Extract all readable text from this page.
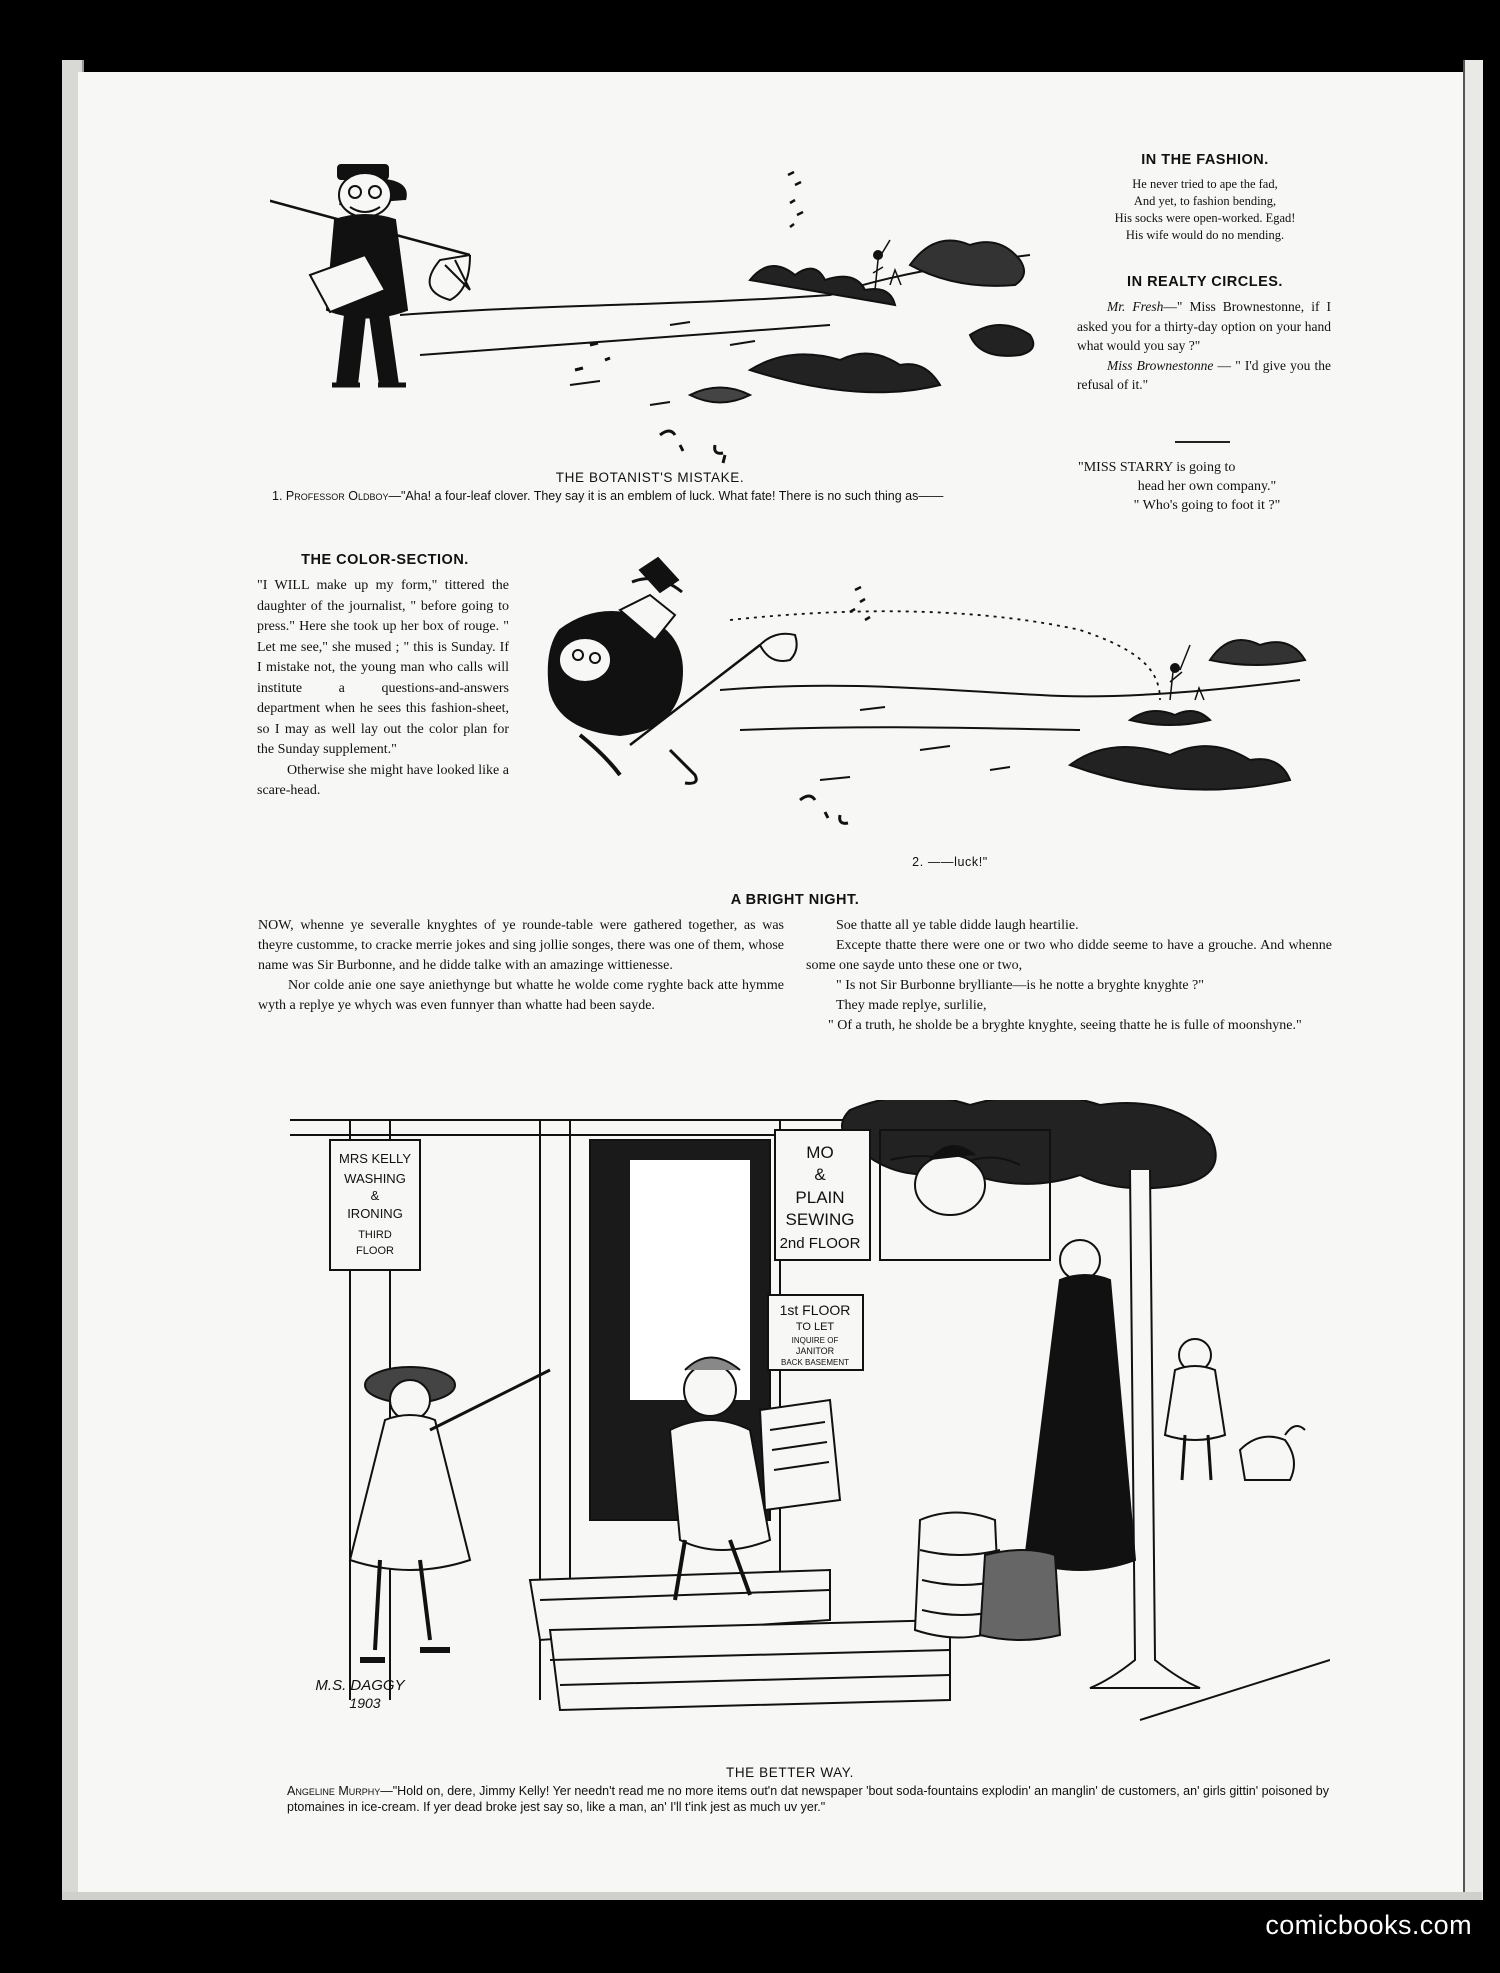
THE BOTANIST'S MISTAKE.
1. Professor Oldboy—"Aha! a four-leaf clover. They say it is an emblem of luck. What fate! There is no such thing as——
IN THE FASHION.
He never tried to ape the fad,
And yet, to fashion bending,
His socks were open-worked. Egad!
His wife would do no mending.
IN REALTY CIRCLES.

Mr. Fresh—" Miss Brownestonne, if I asked you for a thirty-day option on your hand what would you say ?"

Miss Brownestonne — " I'd give you the refusal of it."

"MISS STARRY is going to
head her own company."
" Who's going to foot it ?"
THE COLOR-SECTION.

"I WILL make up my form," tittered the daughter of the journalist, " before going to press." Here she took up her box of rouge. " Let me see," she mused ; " this is Sunday. If I mistake not, the young man who calls will institute a questions-and-answers department when he sees this fashion-sheet, so I may as well lay out the color plan for the Sunday supplement."

Otherwise she might have looked like a scare-head.

2. ——luck!"
A BRIGHT NIGHT.

NOW, whenne ye severalle knyghtes of ye rounde-table were gathered together, as was theyre customme, to cracke merrie jokes and sing jollie songes, there was one of them, whose name was Sir Burbonne, and he didde talke with an amazinge wittienesse.

Nor colde anie one saye aniethynge but whatte he wolde come ryghte back atte hymme wyth a replye ye whych was even funnyer than whatte had been sayde.

Soe thatte all ye table didde laugh heartilie.

Excepte thatte there were one or two who didde seeme to have a grouche. And whenne some one sayde unto these one or two,

" Is not Sir Burbonne brylliante—is he notte a bryghte knyghte ?"

They made replye, surlilie,

" Of a truth, he sholde be a bryghte knyghte, seeing thatte he is fulle of moonshyne."

MRS KELLY
WASHING
&
IRONING
THIRD
FLOOR
MO
&
PLAIN
SEWING
2nd FLOOR
1st FLOOR
TO LET
INQUIRE OF
JANITOR
BACK BASEMENT
M.S. DAGGY
1903
THE BETTER WAY.
Angeline Murphy—"Hold on, dere, Jimmy Kelly! Yer needn't read me no more items out'n dat newspaper 'bout soda-fountains explodin' an manglin' de customers, an' girls gittin' poisoned by ptomaines in ice-cream. If yer dead broke jest say so, like a man, an' I'll t'ink jest as much uv yer."
comicbooks.com
